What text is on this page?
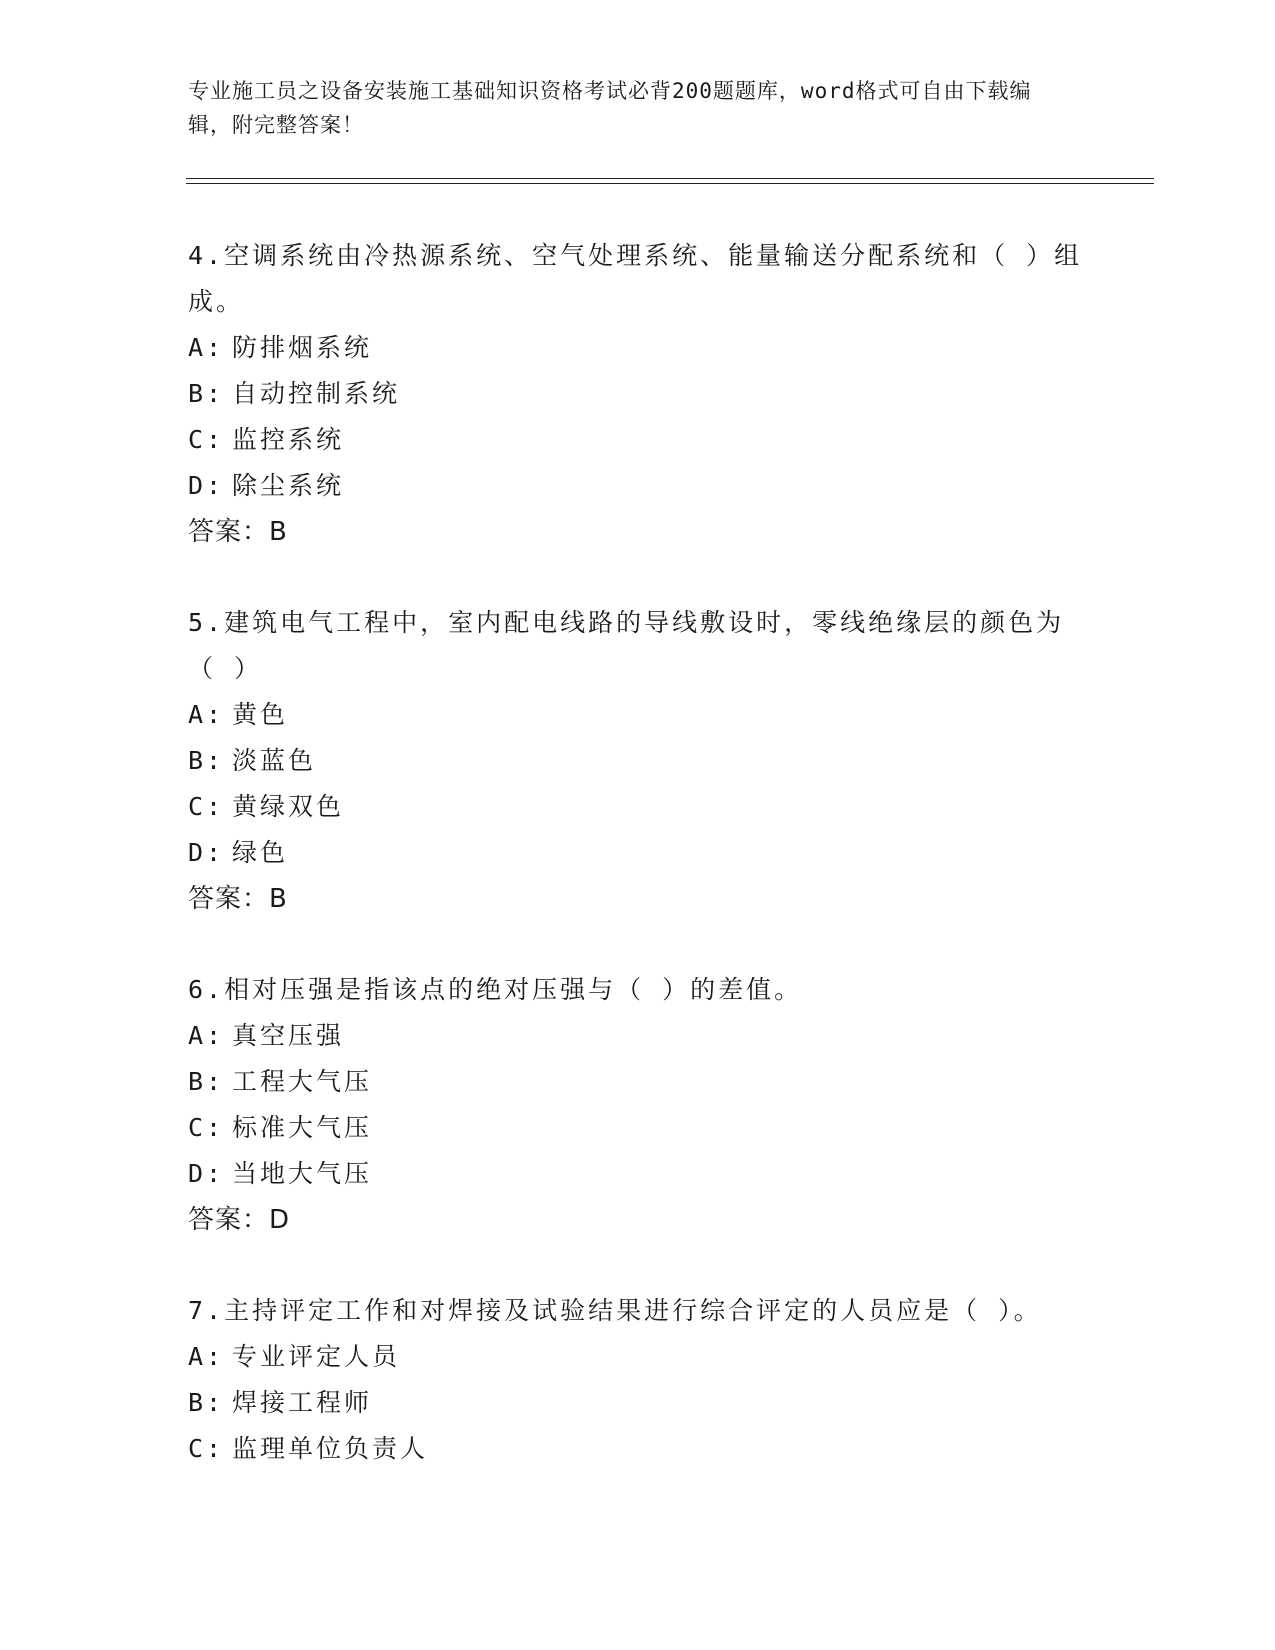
专业施工员之设备安装施工基础知识资格考试必背200题题库，word格式可自由下载编辑，附完整答案！

4.空调系统由冷热源系统、空气处理系统、能量输送分配系统和（ ）组成。

A: 防排烟系统

B: 自动控制系统

C: 监控系统

D: 除尘系统

答案：B

5.建筑电气工程中，室内配电线路的导线敷设时，零线绝缘层的颜色为（ ）

A: 黄色

B: 淡蓝色

C: 黄绿双色

D: 绿色

答案：B

6.相对压强是指该点的绝对压强与（ ）的差值。

A: 真空压强

B: 工程大气压

C: 标准大气压

D: 当地大气压

答案：D

7.主持评定工作和对焊接及试验结果进行综合评定的人员应是（ ）。

A: 专业评定人员

B: 焊接工程师

C: 监理单位负责人
